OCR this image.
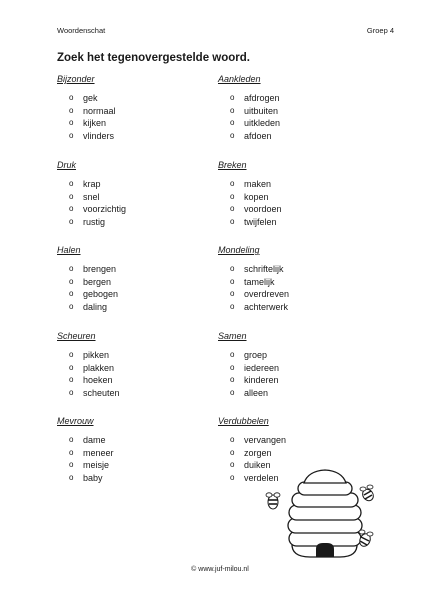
Woordenschat	Groep 4
Zoek het tegenovergestelde woord.
Bijzonder
o gek
o normaal
o kijken
o vlinders
Aankleden
o afdrogen
o uitbuiten
o uitkleden
o afdoen
Druk
o krap
o snel
o voorzichtig
o rustig
Breken
o maken
o kopen
o voordoen
o twijfelen
Halen
o brengen
o bergen
o gebogen
o daling
Mondeling
o schriftelijk
o tamelijk
o overdreven
o achterwerk
Scheuren
o pikken
o plakken
o hoeken
o scheuten
Samen
o groep
o iedereen
o kinderen
o alleen
Mevrouw
o dame
o meneer
o meisje
o baby
Verdubbelen
o vervangen
o zorgen
o duiken
o verdelen
© www.juf-milou.nl
